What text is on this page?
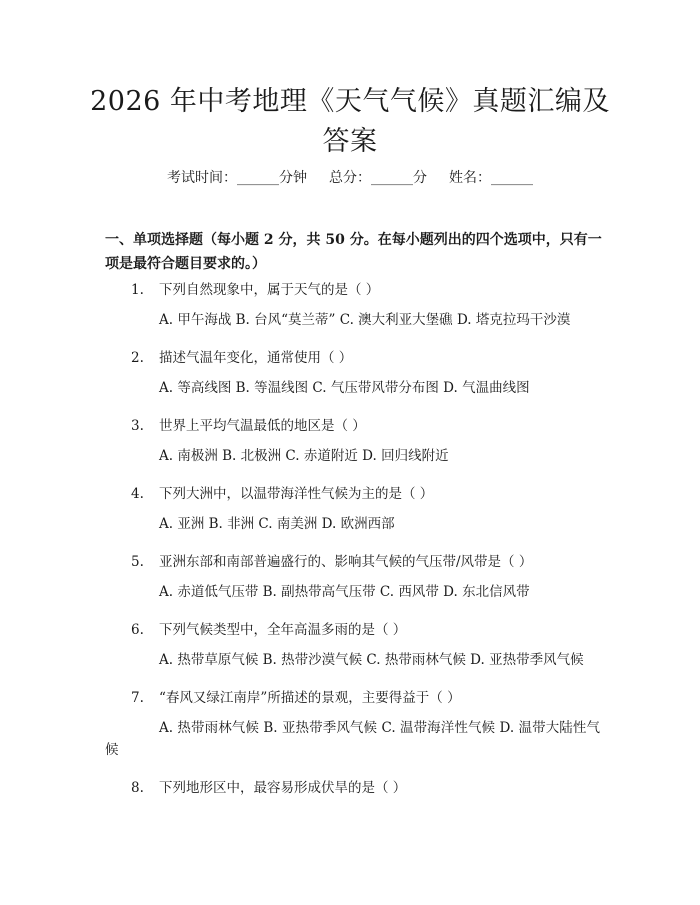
2026 年中考地理《天气气候》真题汇编及答案
考试时间：______分钟 总分：______分 姓名：______
一、单项选择题（每小题 2 分，共 50 分。在每小题列出的四个选项中，只有一项是最符合题目要求的。）
1. 下列自然现象中，属于天气的是（ ）
A. 甲午海战 B. 台风“莫兰蒂” C. 澳大利亚大堡礁 D. 塔克拉玛干沙漠
2. 描述气温年变化，通常使用（ ）
A. 等高线图 B. 等温线图 C. 气压带风带分布图 D. 气温曲线图
3. 世界上平均气温最低的地区是（ ）
A. 南极洲 B. 北极洲 C. 赤道附近 D. 回归线附近
4. 下列大洲中，以温带海洋性气候为主的是（ ）
A. 亚洲 B. 非洲 C. 南美洲 D. 欧洲西部
5. 亚洲东部和南部普遍盛行的、影响其气候的气压带/风带是（ ）
A. 赤道低气压带 B. 副热带高气压带 C. 西风带 D. 东北信风带
6. 下列气候类型中，全年高温多雨的是（ ）
A. 热带草原气候 B. 热带沙漠气候 C. 热带雨林气候 D. 亚热带季风气候
7. “春风又绿江南岸”所描述的景观，主要得益于（ ）
A. 热带雨林气候 B. 亚热带季风气候 C. 温带海洋性气候 D. 温带大陆性气候
8. 下列地形区中，最容易形成伏旱的是（ ）
